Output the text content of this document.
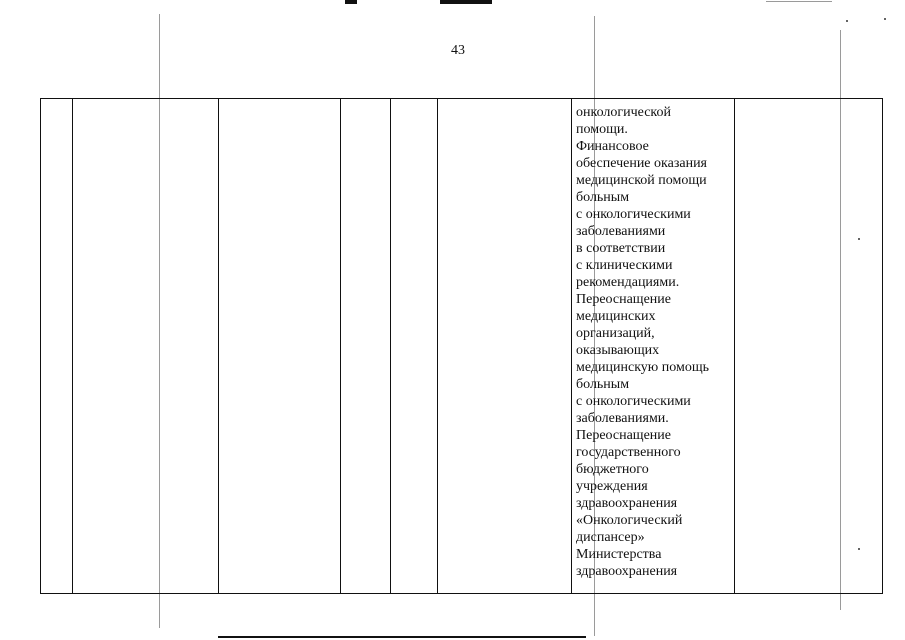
43
онкологической
помощи.
Финансовое
обеспечение оказания
медицинской помощи
больным
с онкологическими
заболеваниями
в соответствии
с клиническими
рекомендациями.
Переоснащение
медицинских
организаций,
оказывающих
медицинскую помощь
больным
с онкологическими
заболеваниями.
Переоснащение
государственного
бюджетного
учреждения
здравоохранения
«Онкологический
диспансер»
Министерства
здравоохранения
